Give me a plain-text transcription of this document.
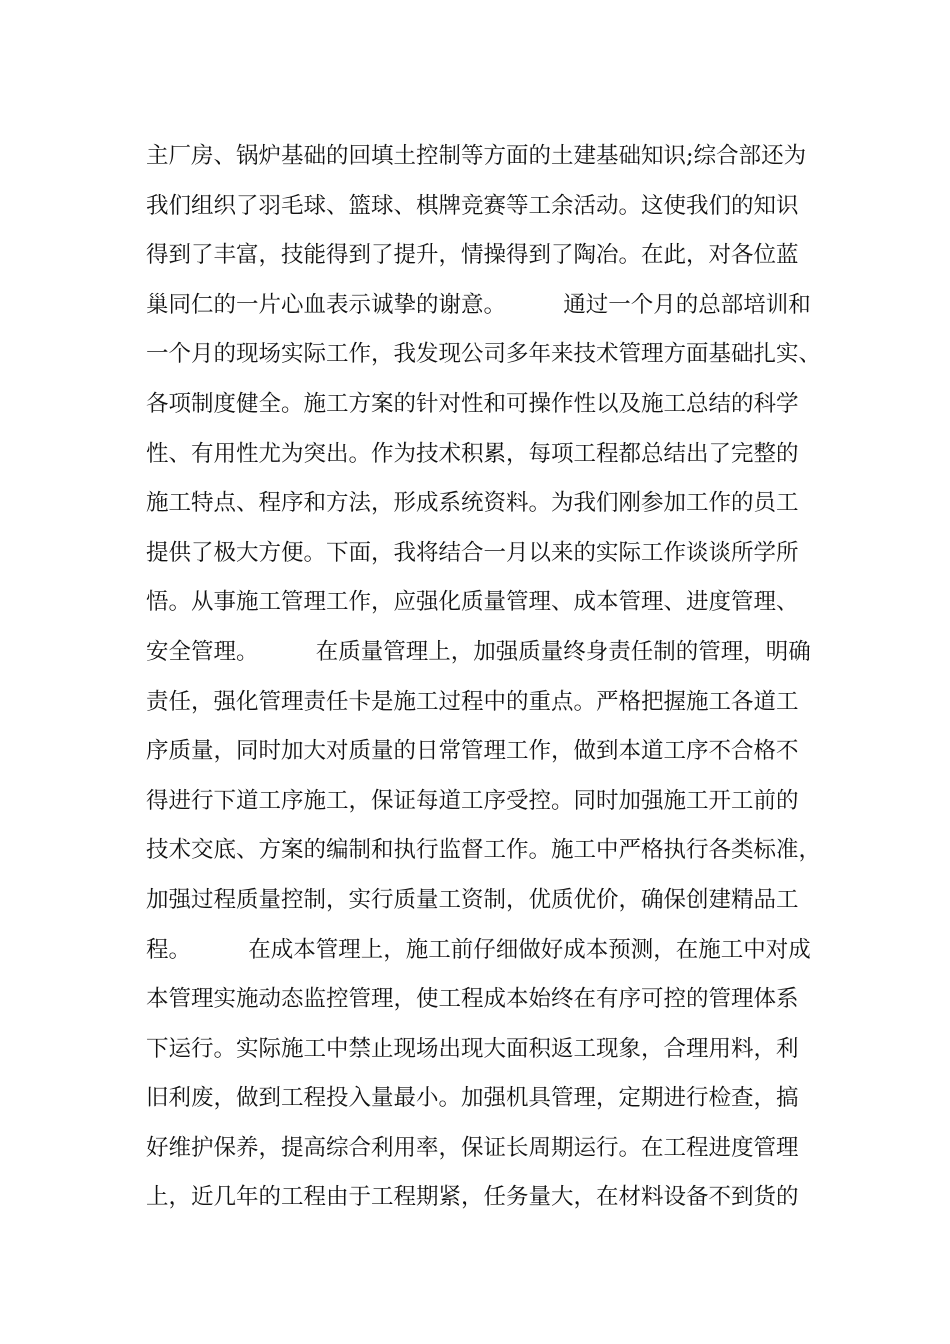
主厂房、锅炉基础的回填土控制等方面的土建基础知识;综合部还为
我们组织了羽毛球、篮球、棋牌竞赛等工余活动。这使我们的知识
得到了丰富，技能得到了提升，情操得到了陶冶。在此，对各位蓝
巢同仁的一片心血表示诚挚的谢意。        通过一个月的总部培训和
一个月的现场实际工作，我发现公司多年来技术管理方面基础扎实、
各项制度健全。施工方案的针对性和可操作性以及施工总结的科学
性、有用性尤为突出。作为技术积累，每项工程都总结出了完整的
施工特点、程序和方法，形成系统资料。为我们刚参加工作的员工
提供了极大方便。下面，我将结合一月以来的实际工作谈谈所学所
悟。从事施工管理工作，应强化质量管理、成本管理、进度管理、
安全管理。        在质量管理上，加强质量终身责任制的管理，明确
责任，强化管理责任卡是施工过程中的重点。严格把握施工各道工
序质量，同时加大对质量的日常管理工作，做到本道工序不合格不
得进行下道工序施工，保证每道工序受控。同时加强施工开工前的
技术交底、方案的编制和执行监督工作。施工中严格执行各类标准，
加强过程质量控制，实行质量工资制，优质优价，确保创建精品工
程。        在成本管理上，施工前仔细做好成本预测，在施工中对成
本管理实施动态监控管理，使工程成本始终在有序可控的管理体系
下运行。实际施工中禁止现场出现大面积返工现象，合理用料，利
旧利废，做到工程投入量最小。加强机具管理，定期进行检查，搞
好维护保养，提高综合利用率，保证长周期运行。在工程进度管理
上，近几年的工程由于工程期紧，任务量大，在材料设备不到货的
